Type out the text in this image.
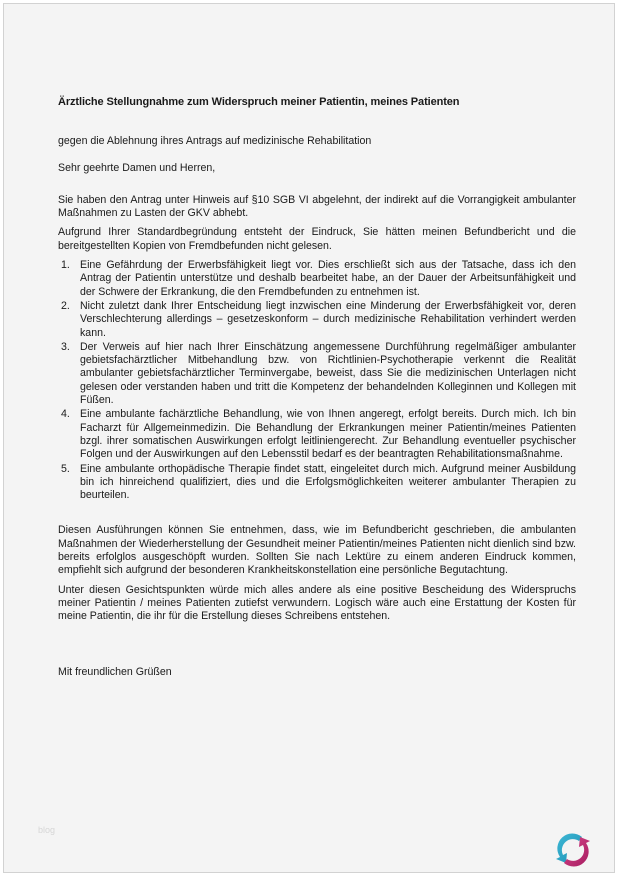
Ärztliche Stellungnahme zum Widerspruch meiner Patientin, meines Patienten
gegen die Ablehnung ihres Antrags auf medizinische Rehabilitation
Sehr geehrte Damen und Herren,

Sie haben den Antrag unter Hinweis auf §10 SGB VI abgelehnt, der indirekt auf die Vorrangigkeit ambulanter Maßnahmen zu Lasten der GKV abhebt.

Aufgrund Ihrer Standardbegründung entsteht der Eindruck, Sie hätten meinen Befundbericht und die bereitgestellten Kopien von Fremdbefunden nicht gelesen.

1. Eine Gefährdung der Erwerbsfähigkeit liegt vor. Dies erschließt sich aus der Tatsache, dass ich den Antrag der Patientin unterstütze und deshalb bearbeitet habe, an der Dauer der Arbeitsunfähigkeit und der Schwere der Erkrankung, die den Fremdbefunden zu entnehmen ist.
2. Nicht zuletzt dank Ihrer Entscheidung liegt inzwischen eine Minderung der Erwerbsfähigkeit vor, deren Verschlechterung allerdings – gesetzeskonform – durch medizinische Rehabilitation verhindert werden kann.
3. Der Verweis auf hier nach Ihrer Einschätzung angemessene Durchführung regelmäßiger ambulanter gebietsfachärztlicher Mitbehandlung bzw. von Richtlinien-Psychotherapie verkennt die Realität ambulanter gebietsfachärztlicher Terminvergabe, beweist, dass Sie die medizinischen Unterlagen nicht gelesen oder verstanden haben und tritt die Kompetenz der behandelnden Kolleginnen und Kollegen mit Füßen.
4. Eine ambulante fachärztliche Behandlung, wie von Ihnen angeregt, erfolgt bereits. Durch mich. Ich bin Facharzt für Allgemeinmedizin. Die Behandlung der Erkrankungen meiner Patientin/meines Patienten bzgl. ihrer somatischen Auswirkungen erfolgt leitliniengerecht. Zur Behandlung eventueller psychischer Folgen und der Auswirkungen auf den Lebensstil bedarf es der beantragten Rehabilitationsmaßnahme.
5. Eine ambulante orthopädische Therapie findet statt, eingeleitet durch mich. Aufgrund meiner Ausbildung bin ich hinreichend qualifiziert, dies und die Erfolgsmöglichkeiten weiterer ambulanter Therapien zu beurteilen.

Diesen Ausführungen können Sie entnehmen, dass, wie im Befundbericht geschrieben, die ambulanten Maßnahmen der Wiederherstellung der Gesundheit meiner Patientin/meines Patienten nicht dienlich sind bzw. bereits erfolglos ausgeschöpft wurden. Sollten Sie nach Lektüre zu einem anderen Eindruck kommen, empfiehlt sich aufgrund der besonderen Krankheitskonstellation eine persönliche Begutachtung.

Unter diesen Gesichtspunkten würde mich alles andere als eine positive Bescheidung des Widerspruchs meiner Patientin / meines Patienten zutiefst verwundern. Logisch wäre auch eine Erstattung der Kosten für meine Patientin, die ihr für die Erstellung dieses Schreibens entstehen.

Mit freundlichen Grüßen
blog
